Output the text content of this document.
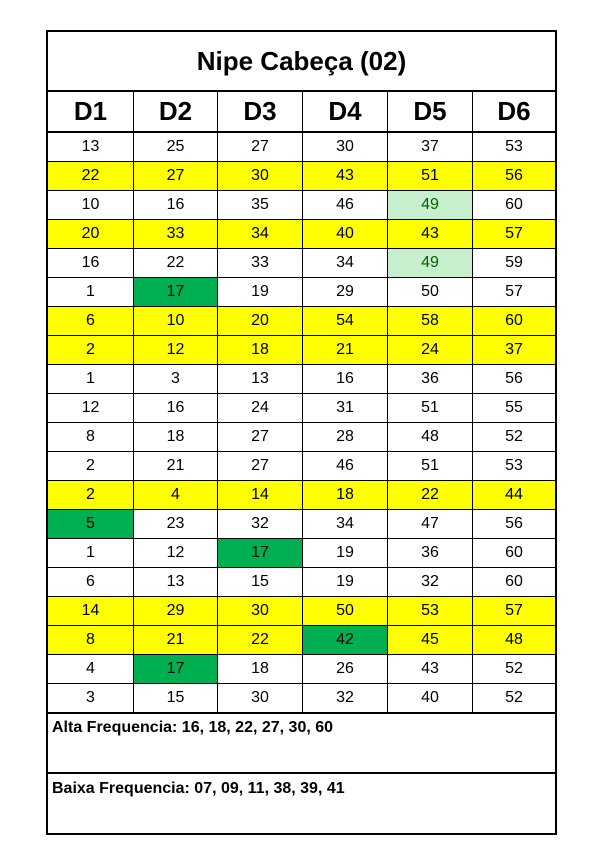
Nipe Cabeça (02)
D1	D2	D3	D4	D5	D6
13	25	27	30	37	53
22	27	30	43	51	56
10	16	35	46	49	60
20	33	34	40	43	57
16	22	33	34	49	59
1	17	19	29	50	57
6	10	20	54	58	60
2	12	18	21	24	37
1	3	13	16	36	56
12	16	24	31	51	55
8	18	27	28	48	52
2	21	27	46	51	53
2	4	14	18	22	44
5	23	32	34	47	56
1	12	17	19	36	60
6	13	15	19	32	60
14	29	30	50	53	57
8	21	22	42	45	48
4	17	18	26	43	52
3	15	30	32	40	52
Alta Frequencia: 16, 18, 22, 27, 30, 60
Baixa Frequencia: 07, 09, 11, 38, 39, 41
